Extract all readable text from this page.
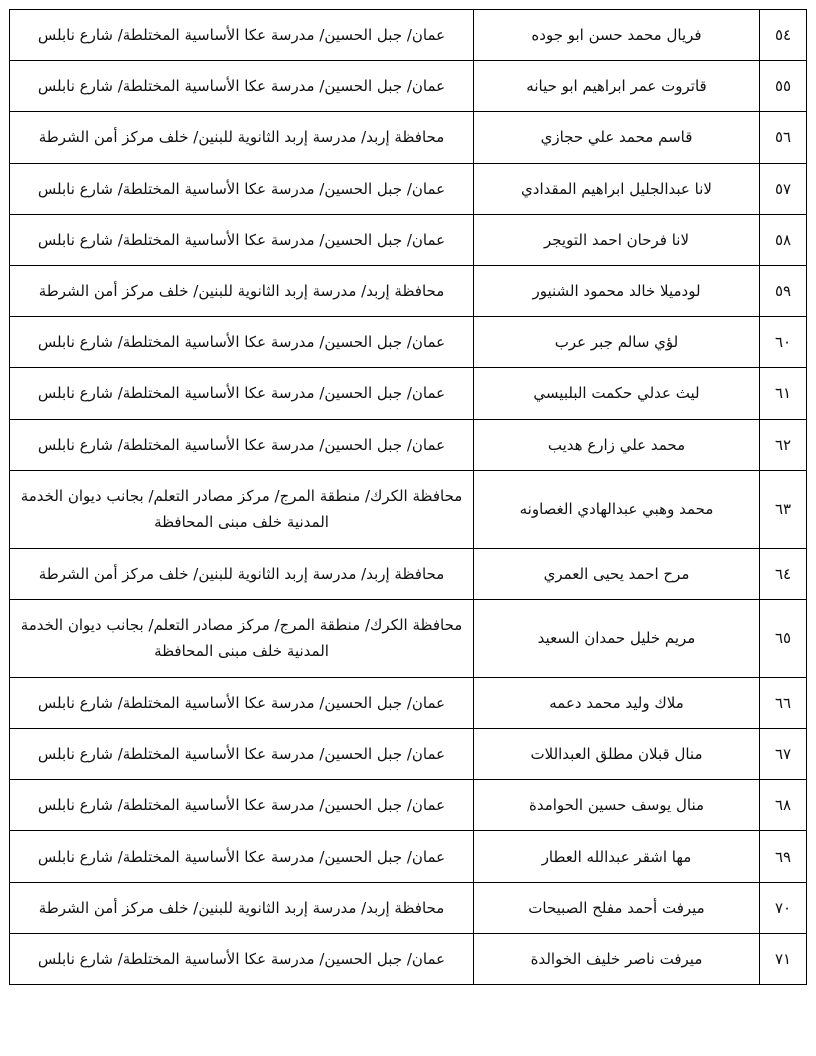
٥٤	فريال محمد حسن ابو جوده	عمان/ جبل الحسين/ مدرسة عكا الأساسية المختلطة/ شارع نابلس
٥٥	قاتروت عمر ابراهيم ابو حيانه	عمان/ جبل الحسين/ مدرسة عكا الأساسية المختلطة/ شارع نابلس
٥٦	قاسم محمد علي حجازي	محافظة إربد/ مدرسة إربد الثانوية للبنين/ خلف مركز أمن الشرطة
٥٧	لانا عبدالجليل ابراهيم المقدادي	عمان/ جبل الحسين/ مدرسة عكا الأساسية المختلطة/ شارع نابلس
٥٨	لانا فرحان احمد التويجر	عمان/ جبل الحسين/ مدرسة عكا الأساسية المختلطة/ شارع نابلس
٥٩	لودميلا خالد محمود الشنيور	محافظة إربد/ مدرسة إربد الثانوية للبنين/ خلف مركز أمن الشرطة
٦٠	لؤي سالم جبر عرب	عمان/ جبل الحسين/ مدرسة عكا الأساسية المختلطة/ شارع نابلس
٦١	ليث عدلي حكمت البلبيسي	عمان/ جبل الحسين/ مدرسة عكا الأساسية المختلطة/ شارع نابلس
٦٢	محمد علي زارع هديب	عمان/ جبل الحسين/ مدرسة عكا الأساسية المختلطة/ شارع نابلس
٦٣	محمد وهبي عبدالهادي الغصاونه	محافظة الكرك/ منطقة المرج/ مركز مصادر التعلم/ بجانب ديوان الخدمة المدنية خلف مبنى المحافظة
٦٤	مرح احمد يحيى العمري	محافظة إربد/ مدرسة إربد الثانوية للبنين/ خلف مركز أمن الشرطة
٦٥	مريم خليل حمدان السعيد	محافظة الكرك/ منطقة المرج/ مركز مصادر التعلم/ بجانب ديوان الخدمة المدنية خلف مبنى المحافظة
٦٦	ملاك وليد محمد دعمه	عمان/ جبل الحسين/ مدرسة عكا الأساسية المختلطة/ شارع نابلس
٦٧	منال قبلان مطلق العبداللات	عمان/ جبل الحسين/ مدرسة عكا الأساسية المختلطة/ شارع نابلس
٦٨	منال يوسف حسين الحوامدة	عمان/ جبل الحسين/ مدرسة عكا الأساسية المختلطة/ شارع نابلس
٦٩	مها اشقر عبدالله العطار	عمان/ جبل الحسين/ مدرسة عكا الأساسية المختلطة/ شارع نابلس
٧٠	ميرفت أحمد مفلح الصبيحات	محافظة إربد/ مدرسة إربد الثانوية للبنين/ خلف مركز أمن الشرطة
٧١	ميرفت ناصر خليف الخوالدة	عمان/ جبل الحسين/ مدرسة عكا الأساسية المختلطة/ شارع نابلس
